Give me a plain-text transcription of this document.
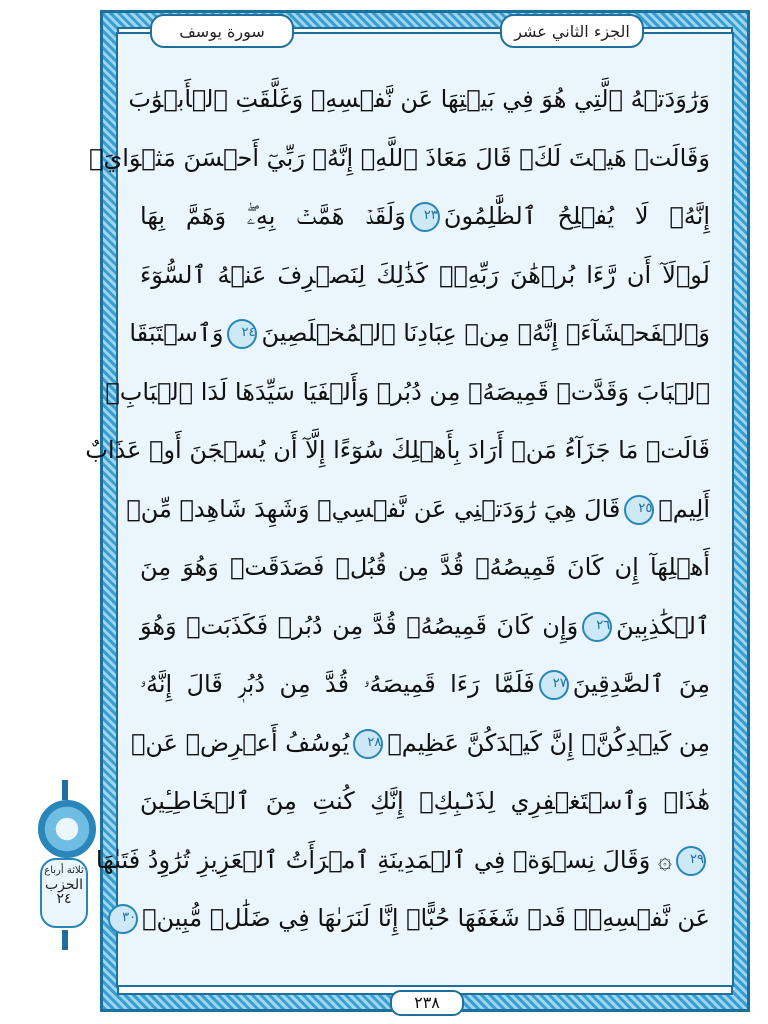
الجزء الثاني عشر
سورة يوسف
وَرَٰوَدَتۡهُ ٱلَّتِي هُوَ فِي بَيۡتِهَا عَن نَّفۡسِهِۦ وَغَلَّقَتِ ٱلۡأَبۡوَٰبَ
وَقَالَتۡ هَيۡتَ لَكَۚ قَالَ مَعَاذَ ٱللَّهِۖ إِنَّهُۥ رَبِّيٓ أَحۡسَنَ مَثۡوَايَۖ
إِنَّهُۥ لَا يُفۡلِحُ ٱلظَّٰلِمُونَ٢٣وَلَقَدۡ هَمَّتۡ بِهِۦۖ وَهَمَّ بِهَا
لَوۡلَآ أَن رَّءَا بُرۡهَٰنَ رَبِّهِۦۚ كَذَٰلِكَ لِنَصۡرِفَ عَنۡهُ ٱلسُّوٓءَ
وَٱلۡفَحۡشَآءَۚ إِنَّهُۥ مِنۡ عِبَادِنَا ٱلۡمُخۡلَصِينَ٢٤وَٱسۡتَبَقَا
ٱلۡبَابَ وَقَدَّتۡ قَمِيصَهُۥ مِن دُبُرٖ وَأَلۡفَيَا سَيِّدَهَا لَدَا ٱلۡبَابِۚ
قَالَتۡ مَا جَزَآءُ مَنۡ أَرَادَ بِأَهۡلِكَ سُوٓءًا إِلَّآ أَن يُسۡجَنَ أَوۡ عَذَابٌ
أَلِيمٞ٢٥قَالَ هِيَ رَٰوَدَتۡنِي عَن نَّفۡسِيۚ وَشَهِدَ شَاهِدٞ مِّنۡ
أَهۡلِهَآ إِن كَانَ قَمِيصُهُۥ قُدَّ مِن قُبُلٖ فَصَدَقَتۡ وَهُوَ مِنَ
ٱلۡكَٰذِبِينَ٢٦وَإِن كَانَ قَمِيصُهُۥ قُدَّ مِن دُبُرٖ فَكَذَبَتۡ وَهُوَ
مِنَ ٱلصَّٰدِقِينَ٢٧فَلَمَّا رَءَا قَمِيصَهُۥ قُدَّ مِن دُبُرٖ قَالَ إِنَّهُۥ
مِن كَيۡدِكُنَّۖ إِنَّ كَيۡدَكُنَّ عَظِيمٞ٢٨يُوسُفُ أَعۡرِضۡ عَنۡ
هَٰذَاۚ وَٱسۡتَغۡفِرِي لِذَنۢبِكِۖ إِنَّكِ كُنتِ مِنَ ٱلۡخَاطِـِٔينَ
٢٩۞ وَقَالَ نِسۡوَةٞ فِي ٱلۡمَدِينَةِ ٱمۡرَأَتُ ٱلۡعَزِيزِ تُرَٰوِدُ فَتَىٰهَا
عَن نَّفۡسِهِۦۖ قَدۡ شَغَفَهَا حُبًّاۖ إِنَّا لَنَرَىٰهَا فِي ضَلَٰلٖ مُّبِينٖ٣٠
٢٣٨
ثلاثة أرباع
الحزب
٢٤
